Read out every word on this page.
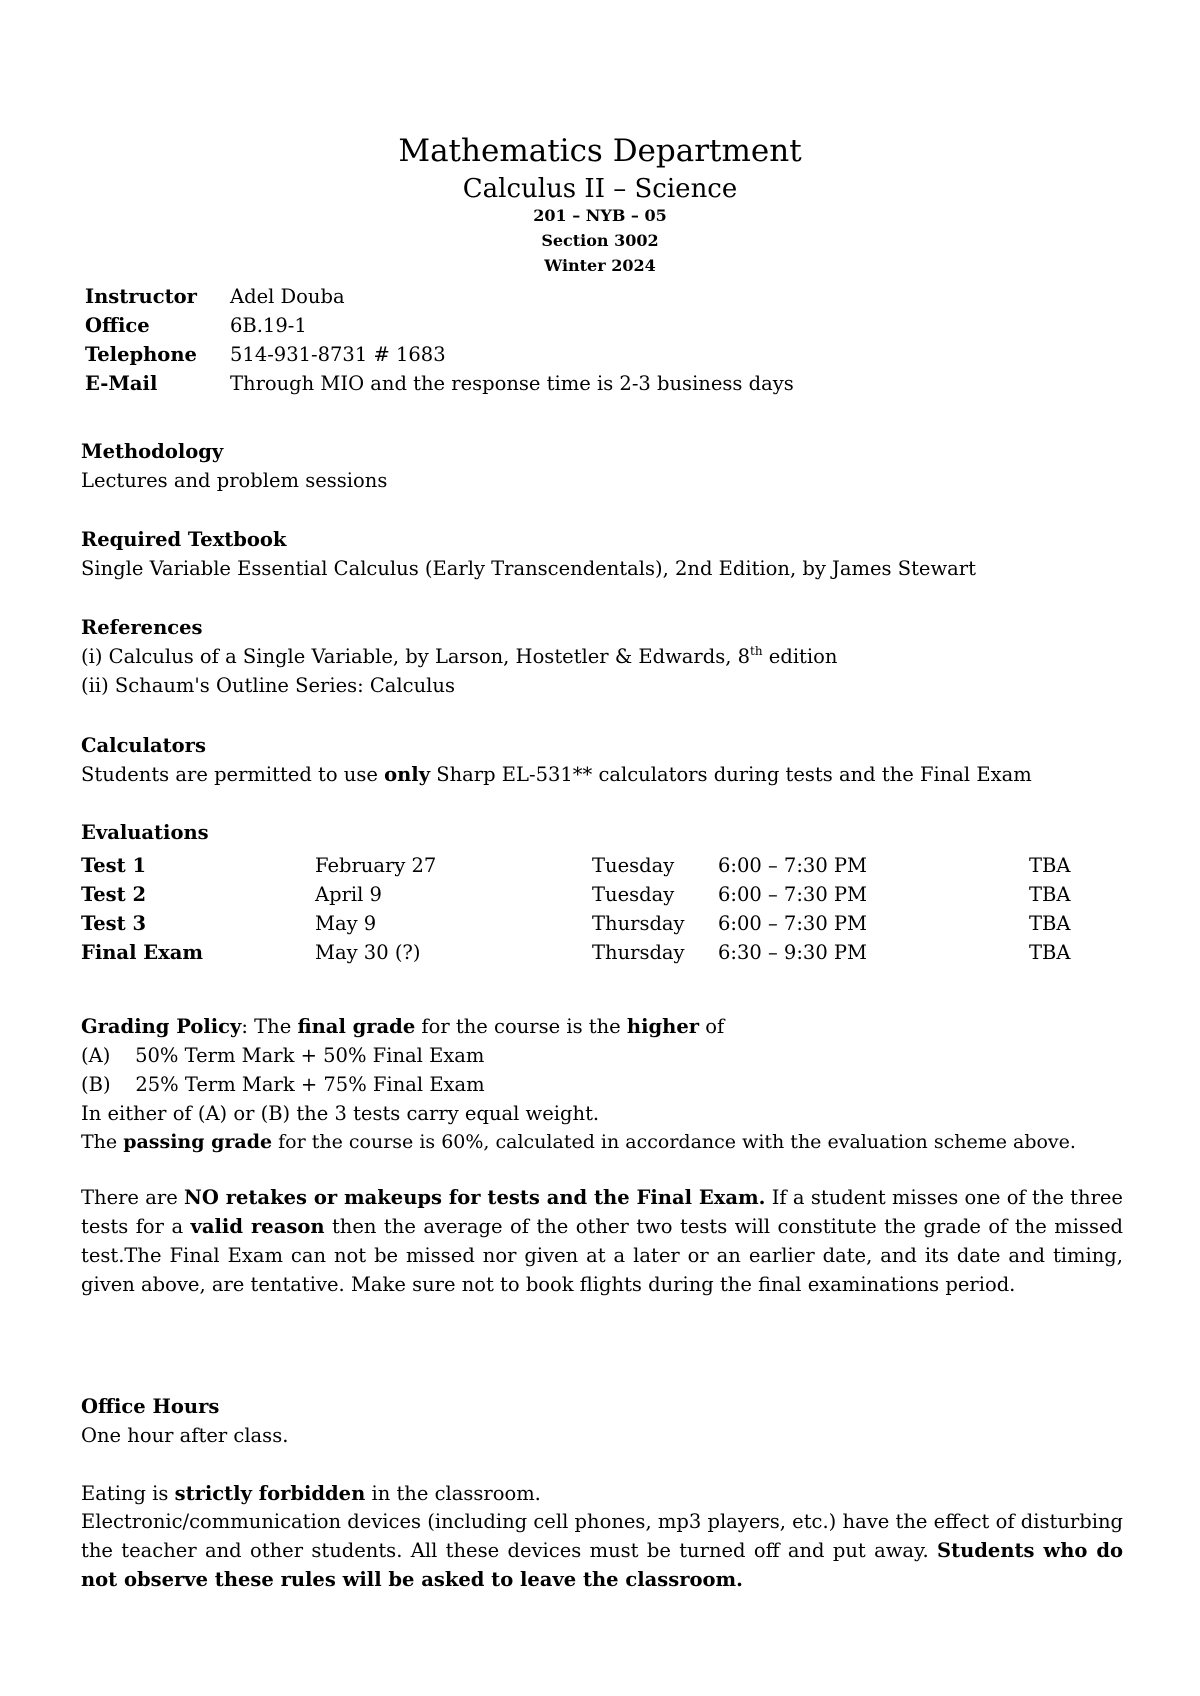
Mathematics Department
Calculus II – Science
201 – NYB – 05
Section 3002
Winter 2024
Instructor Adel Douba
Office	6B.19-1
Telephone 514-931-8731 # 1683
E-Mail	Through MIO and the response time is 2-3 business days
Methodology
Lectures and problem sessions
Required Textbook
Single Variable Essential Calculus (Early Transcendentals), 2nd Edition, by James Stewart
References
(i) Calculus of a Single Variable, by Larson, Hostetler & Edwards, 8th edition
(ii) Schaum's Outline Series: Calculus
Calculators
Students are permitted to use only Sharp EL-531** calculators during tests and the Final Exam
Evaluations
Test 1	February 27	Tuesday 6:00 – 7:30 PM	TBA
Test 2	April 9	Tuesday 6:00 – 7:30 PM	TBA
Test 3	May 9	Thursday 6:00 – 7:30 PM	TBA
Final Exam	May 30 (?)	Thursday 6:30 – 9:30 PM	TBA
Grading Policy: The final grade for the course is the higher of
(A)    50% Term Mark + 50% Final Exam
(B)    25% Term Mark + 75% Final Exam
In either of (A) or (B) the 3 tests carry equal weight.
The passing grade for the course is 60%, calculated in accordance with the evaluation scheme above.
There are NO retakes or makeups for tests and the Final Exam. If a student misses one of the three tests for a valid reason then the average of the other two tests will constitute the grade of the missed test.The Final Exam can not be missed nor given at a later or an earlier date, and its date and timing, given above, are tentative. Make sure not to book flights during the final examinations period.
Office Hours
One hour after class.
Eating is strictly forbidden in the classroom.
Electronic/communication devices (including cell phones, mp3 players, etc.) have the effect of disturbing the teacher and other students. All these devices must be turned off and put away. Students who do not observe these rules will be asked to leave the classroom.
